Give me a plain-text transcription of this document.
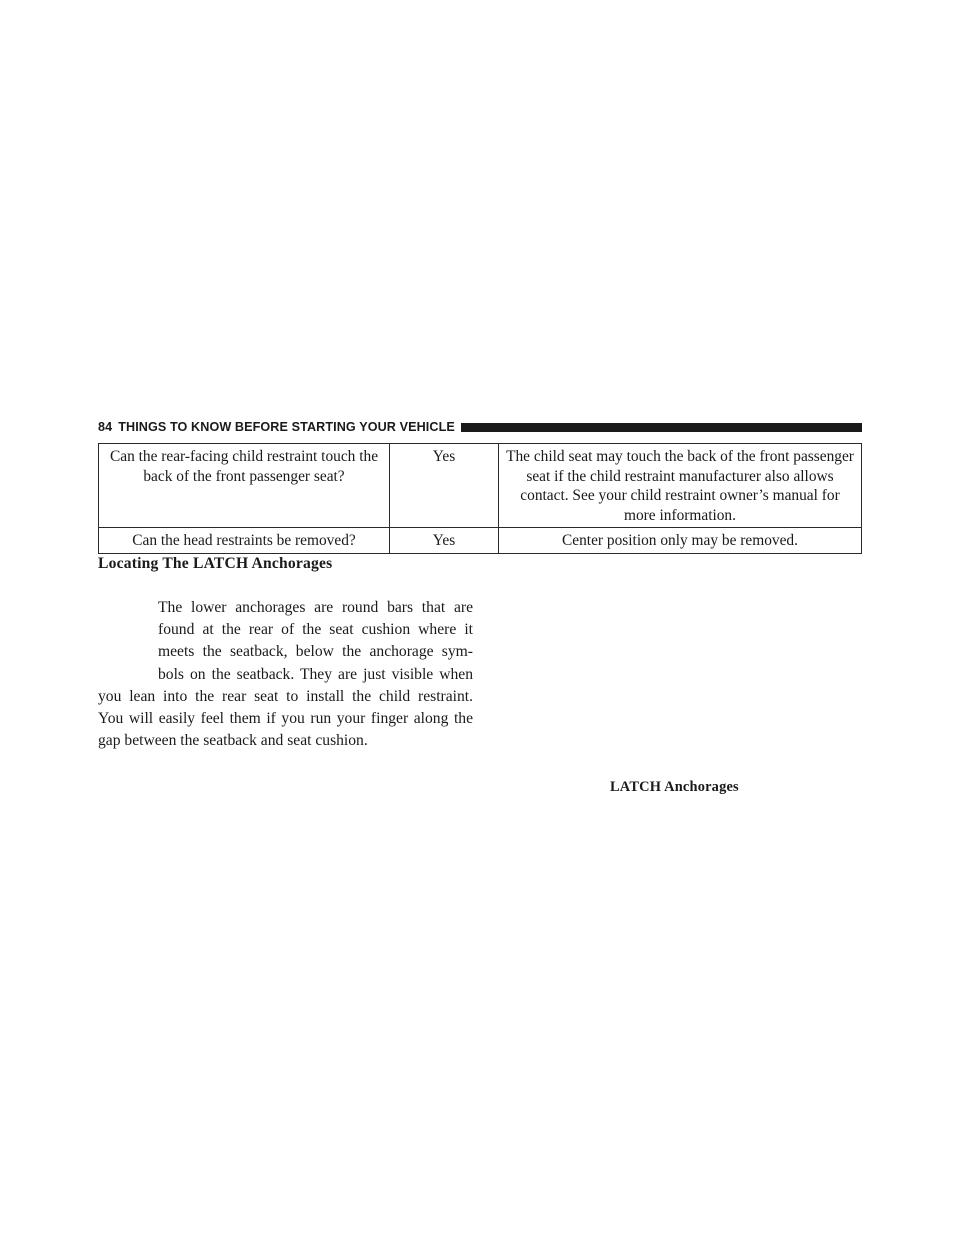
84 THINGS TO KNOW BEFORE STARTING YOUR VEHICLE
Can the rear-facing child restraint touch the back of the front passenger seat?	Yes	The child seat may touch the back of the front passenger seat if the child restraint manufacturer also allows contact. See your child restraint owner’s manual for more information.
Can the head restraints be removed?	Yes	Center position only may be removed.
Locating The LATCH Anchorages

The lower anchorages are round bars that are
found at the rear of the seat cushion where it
meets the seatback, below the anchorage sym-
bols on the seatback. They are just visible when
you lean into the rear seat to install the child restraint.
You will easily feel them if you run your finger along the
gap between the seatback and seat cushion.

LATCH Anchorages
